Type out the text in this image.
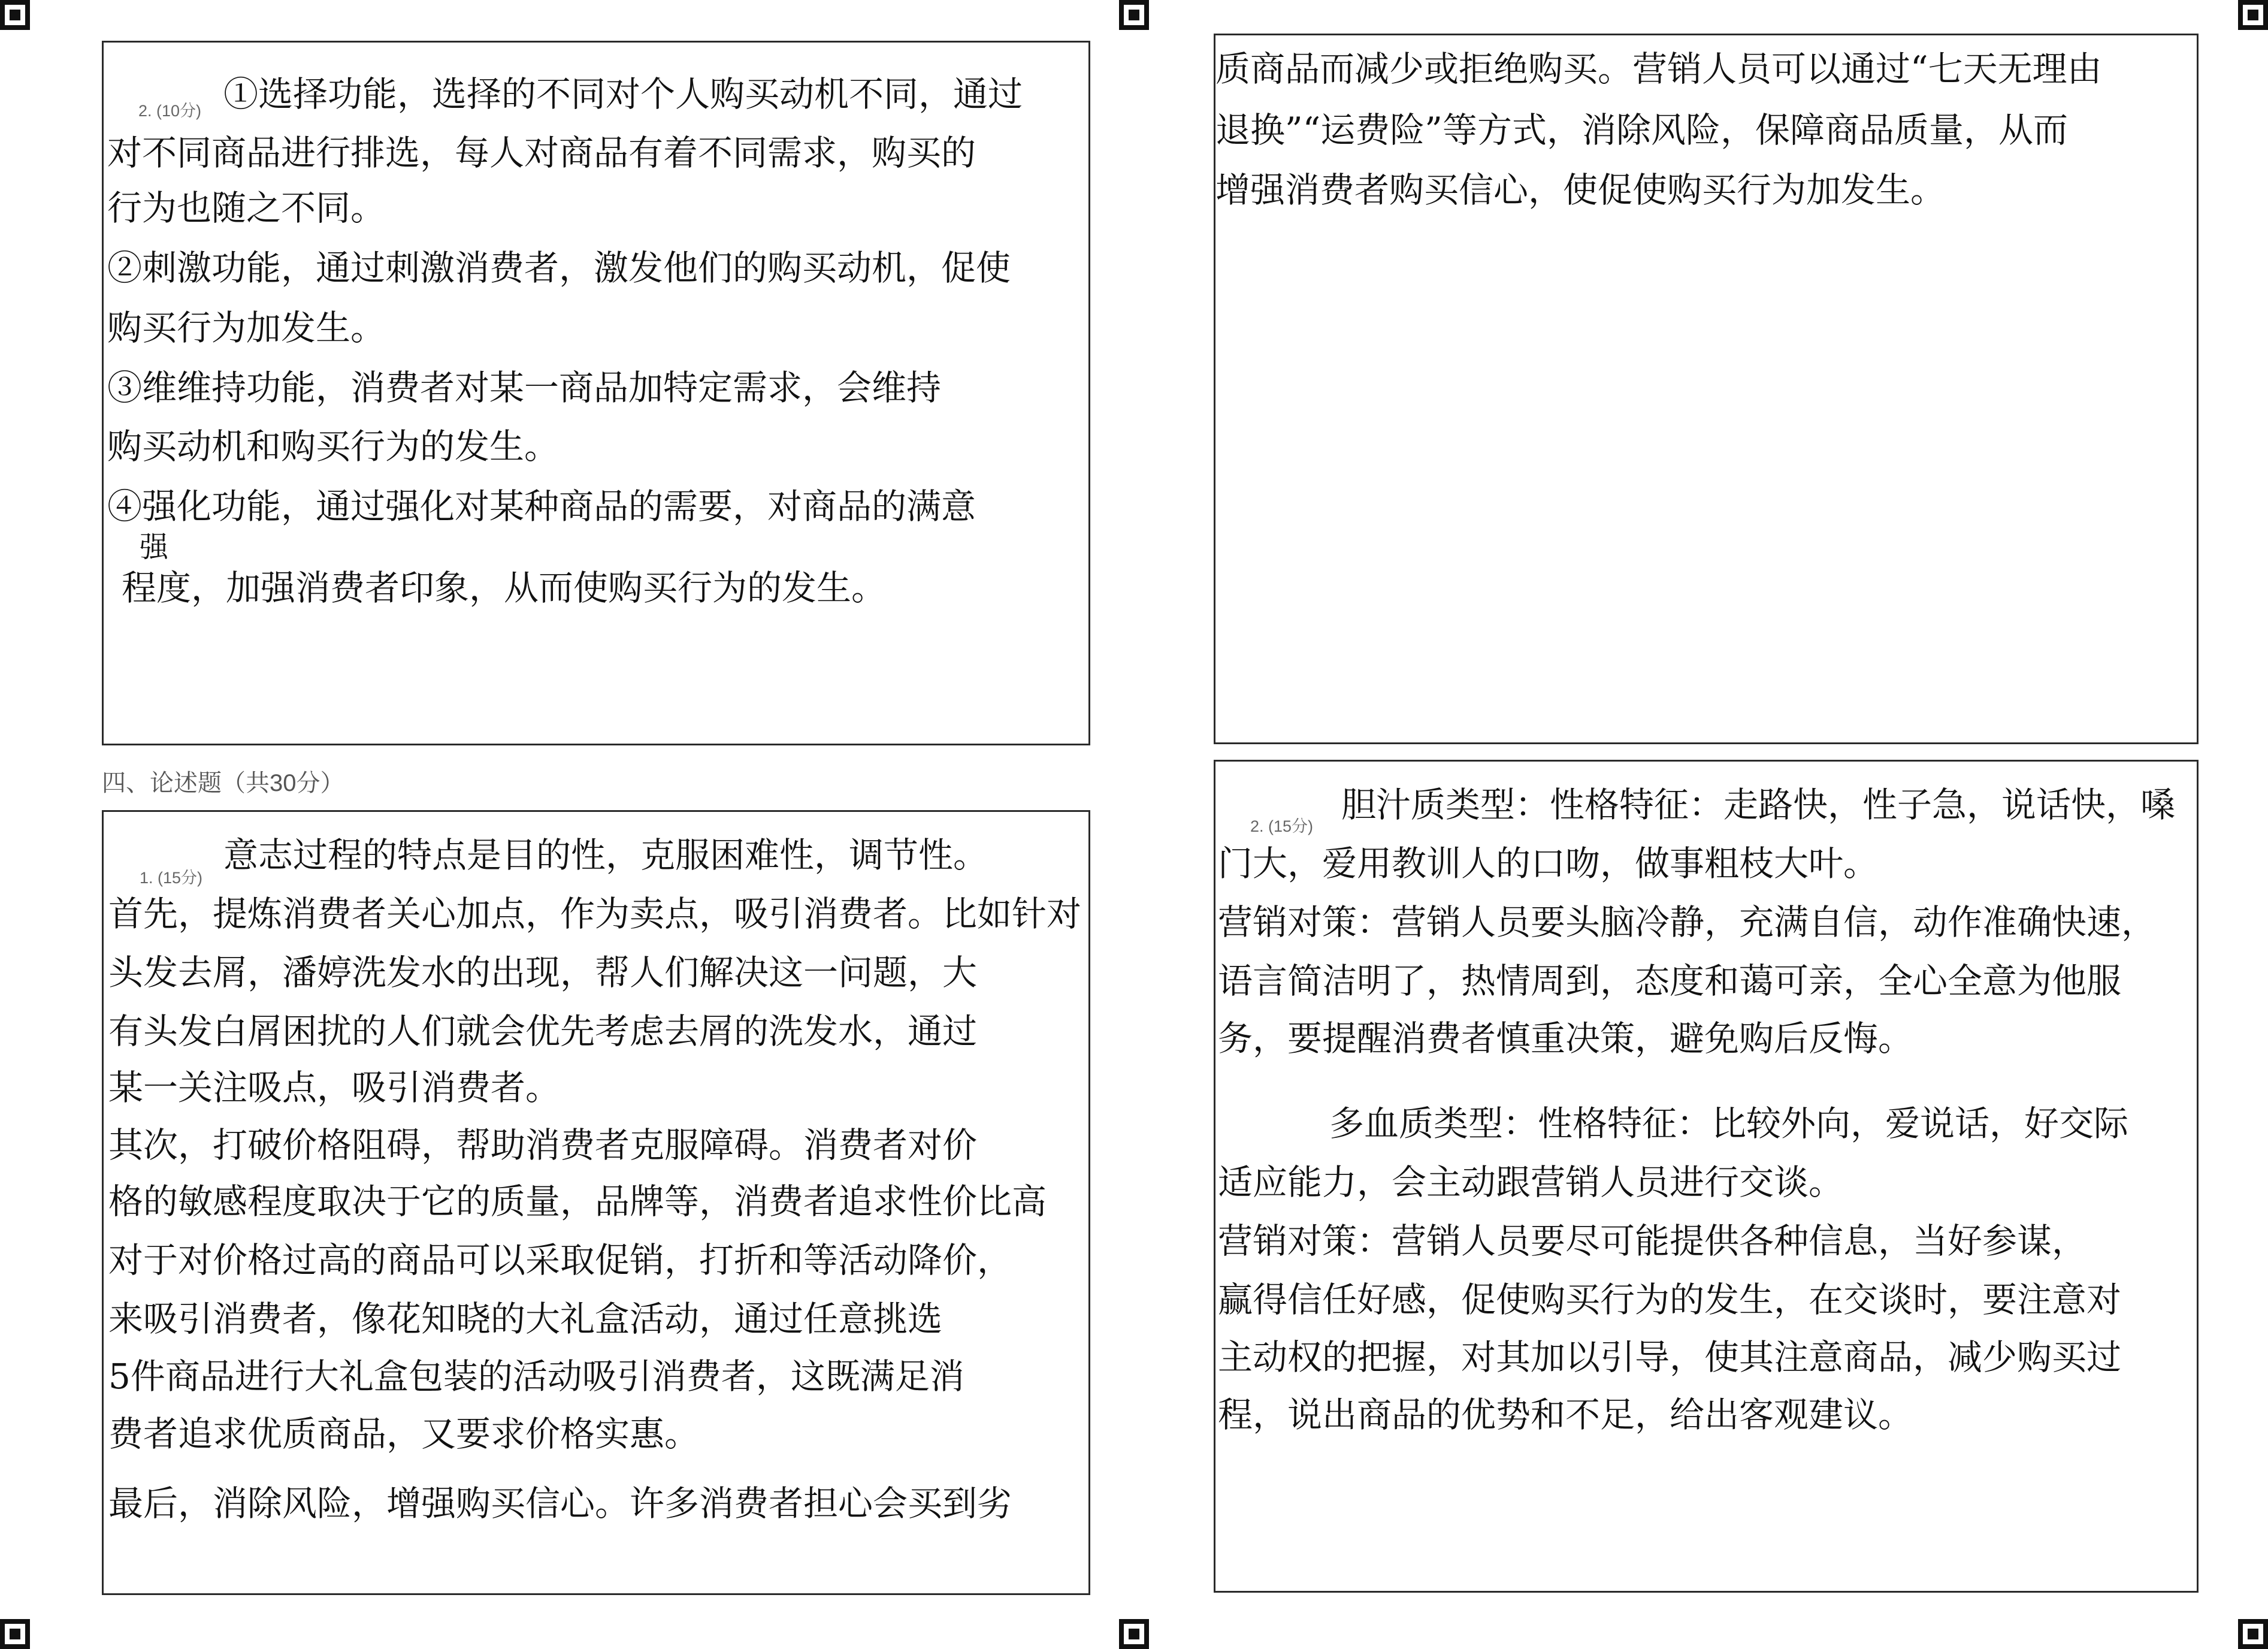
2. (10分) ①选择功能，选择的不同对个人购买动机不同，通过
对不同商品进行排选，每人对商品有着不同需求，购买的
行为也随之不同。
②刺激功能，通过刺激消费者，激发他们的购买动机，促使
购买行为加发生。
③维维持功能，消费者对某一商品加特定需求，会维持
购买动机和购买行为的发生。
④强化功能，通过强化对某种商品的需要，对商品的满意
强
程度，加强消费者印象，从而使购买行为的发生。
质商品而减少或拒绝购买。营销人员可以通过“七天无理由
退换”“运费险”等方式，消除风险，保障商品质量，从而
增强消费者购买信心，使促使购买行为加发生。
四、论述题（共30分）
1. (15分)
意志过程的特点是目的性，克服困难性，调节性。
首先，提炼消费者关心加点，作为卖点，吸引消费者。比如针对
头发去屑，潘婷洗发水的出现，帮人们解决这一问题，大
有头发白屑困扰的人们就会优先考虑去屑的洗发水，通过
某一关注吸点，吸引消费者。
其次，打破价格阻碍，帮助消费者克服障碍。消费者对价
格的敏感程度取决于它的质量，品牌等，消费者追求性价比高
对于对价格过高的商品可以采取促销，打折和等活动降价，
来吸引消费者，像花知晓的大礼盒活动，通过任意挑选
5件商品进行大礼盒包装的活动吸引消费者，这既满足消
费者追求优质商品，又要求价格实惠。
最后，消除风险，增强购买信心。许多消费者担心会买到劣
2. (15分)
胆汁质类型：性格特征：走路快，性子急，说话快，嗓
门大，爱用教训人的口吻，做事粗枝大叶。
营销对策：营销人员要头脑冷静，充满自信，动作准确快速，
语言简洁明了，热情周到，态度和蔼可亲，全心全意为他服
务，要提醒消费者慎重决策，避免购后反悔。
多血质类型：性格特征：比较外向，爱说话，好交际
适应能力，会主动跟营销人员进行交谈。
营销对策：营销人员要尽可能提供各种信息，当好参谋，
赢得信任好感，促使购买行为的发生，在交谈时，要注意对
主动权的把握，对其加以引导，使其注意商品，减少购买过
程，说出商品的优势和不足，给出客观建议。
